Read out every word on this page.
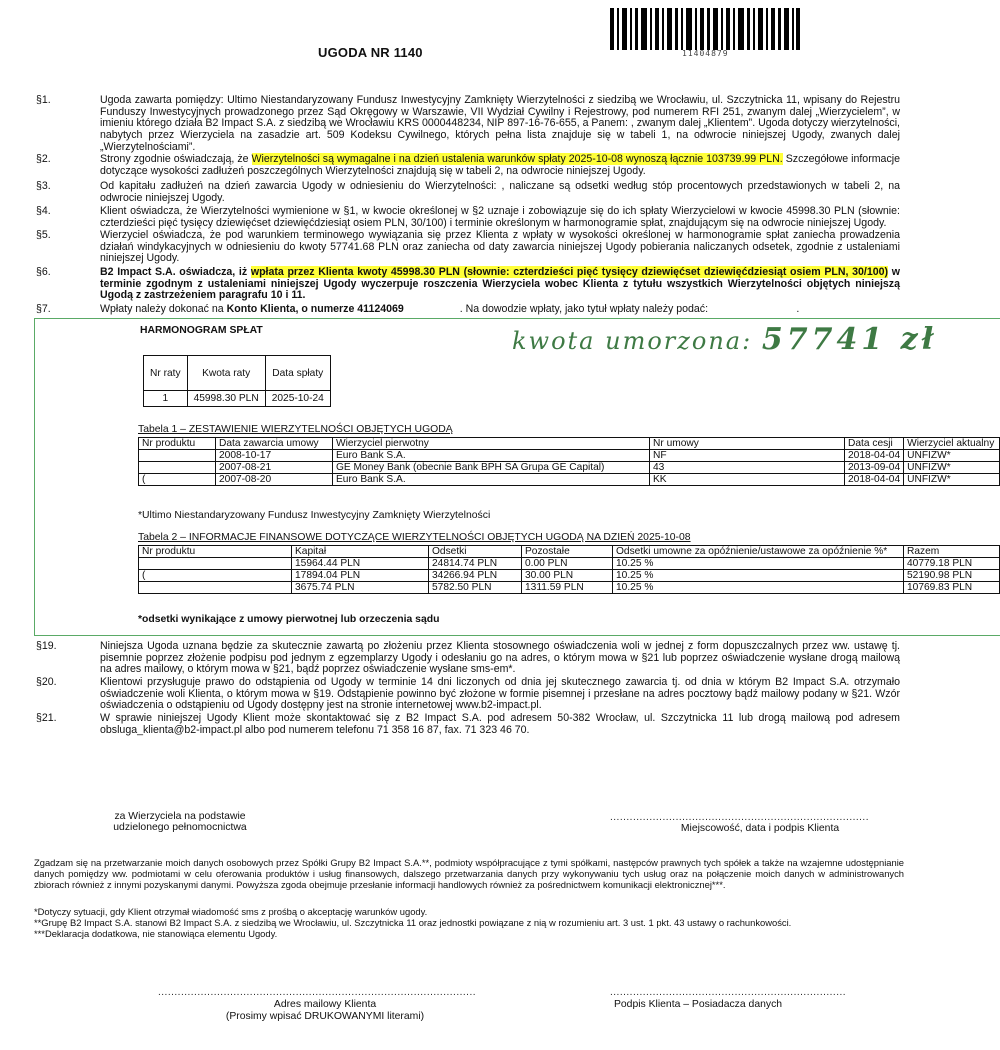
UGODA NR 1140	11404879
§1.	Ugoda zawarta pomiędzy: Ultimo Niestandaryzowany Fundusz Inwestycyjny Zamknięty Wierzytelności z siedzibą we Wrocławiu, ul. Szczytnicka 11, wpisany do Rejestru Funduszy Inwestycyjnych prowadzonego przez Sąd Okręgowy w Warszawie, VII Wydział Cywilny i Rejestrowy, pod numerem RFI 251, zwanym dalej „Wierzycielem”, w imieniu którego działa B2 Impact S.A. z siedzibą we Wrocławiu KRS 0000448234, NIP 897-16-76-655, a Panem: , zwanym dalej „Klientem”. Ugoda dotyczy wierzytelności, nabytych przez Wierzyciela na zasadzie art. 509 Kodeksu Cywilnego, których pełna lista znajduje się w tabeli 1, na odwrocie niniejszej Ugody, zwanych dalej „Wierzytelnościami”.
§2.	Strony zgodnie oświadczają, że Wierzytelności są wymagalne i na dzień ustalenia warunków spłaty 2025-10-08 wynoszą łącznie 103739.99 PLN. Szczegółowe informacje dotyczące wysokości zadłużeń poszczególnych Wierzytelności znajdują się w tabeli 2, na odwrocie niniejszej Ugody.
§3.	Od kapitału zadłużeń na dzień zawarcia Ugody w odniesieniu do Wierzytelności: , naliczane są odsetki według stóp procentowych przedstawionych w tabeli 2, na odwrocie niniejszej Ugody.
§4.	Klient oświadcza, że Wierzytelności wymienione w §1, w kwocie określonej w §2 uznaje i zobowiązuje się do ich spłaty Wierzycielowi w kwocie 45998.30 PLN (słownie: czterdzieści pięć tysięcy dziewięćset dziewięćdziesiąt osiem PLN, 30/100) i terminie określonym w harmonogramie spłat, znajdującym się na odwrocie niniejszej Ugody.
§5.	Wierzyciel oświadcza, że pod warunkiem terminowego wywiązania się przez Klienta z wpłaty w wysokości określonej w harmonogramie spłat zaniecha prowadzenia działań windykacyjnych w odniesieniu do kwoty 57741.68 PLN oraz zaniecha od daty zawarcia niniejszej Ugody pobierania naliczanych odsetek, zgodnie z ustaleniami niniejszej Ugody.
§6.	B2 Impact S.A. oświadcza, iż wpłata przez Klienta kwoty 45998.30 PLN (słownie: czterdzieści pięć tysięcy dziewięćset dziewięćdziesiąt osiem PLN, 30/100) w terminie zgodnym z ustaleniami niniejszej Ugody wyczerpuje roszczenia Wierzyciela wobec Klienta z tytułu wszystkich Wierzytelności objętych niniejszą Ugodą z zastrzeżeniem paragrafu 10 i 11.
§7.	Wpłaty należy dokonać na Konto Klienta, o numerze 41124069                   . Na dowodzie wpłaty, jako tytuł wpłaty należy podać:                              .
kwota umorzona: 57741 zł
HARMONOGRAM SPŁAT
Nr raty	Kwota raty	Data spłaty
1	45998.30 PLN	2025-10-24
Tabela 1 – ZESTAWIENIE WIERZYTELNOŚCI OBJĘTYCH UGODĄ
Nr produktu	Data zawarcia umowy	Wierzyciel pierwotny	Nr umowy	Data cesji	Wierzyciel aktualny
	2008-10-17	Euro Bank S.A.	NF	2018-04-04	UNFIZW*
	2007-08-21	GE Money Bank (obecnie Bank BPH SA Grupa GE Capital)	43	2013-09-04	UNFIZW*
(	2007-08-20	Euro Bank S.A.	KK	2018-04-04	UNFIZW*
*Ultimo Niestandaryzowany Fundusz Inwestycyjny Zamknięty Wierzytelności
Tabela 2 – INFORMACJE FINANSOWE DOTYCZĄCE WIERZYTELNOŚCI OBJĘTYCH UGODĄ NA DZIEŃ 2025-10-08
Nr produktu	Kapitał	Odsetki	Pozostałe	Odsetki umowne za opóźnienie/ustawowe za opóźnienie %*	Razem
	15964.44 PLN	24814.74 PLN	0.00 PLN	10.25 %	40779.18 PLN
(	17894.04 PLN	34266.94 PLN	30.00 PLN	10.25 %	52190.98 PLN
	3675.74 PLN	5782.50 PLN	1311.59 PLN	10.25 %	10769.83 PLN
*odsetki wynikające z umowy pierwotnej lub orzeczenia sądu
§19.	Niniejsza Ugoda uznana będzie za skutecznie zawartą po złożeniu przez Klienta stosownego oświadczenia woli w jednej z form dopuszczalnych przez ww. ustawę tj. pisemnie poprzez złożenie podpisu pod jednym z egzemplarzy Ugody i odesłaniu go na adres, o którym mowa w §21 lub poprzez oświadczenie wysłane drogą mailową na adres mailowy, o którym mowa w §21, bądź poprzez oświadczenie wysłane sms-em*.
§20.	Klientowi przysługuje prawo do odstąpienia od Ugody w terminie 14 dni liczonych od dnia jej skutecznego zawarcia tj. od dnia w którym B2 Impact S.A. otrzymało oświadczenie woli Klienta, o którym mowa w §19. Odstąpienie powinno być złożone w formie pisemnej i przesłane na adres pocztowy bądź mailowy podany w §21. Wzór oświadczenia o odstąpieniu od Ugody dostępny jest na stronie internetowej www.b2-impact.pl.
§21.	W sprawie niniejszej Ugody Klient może skontaktować się z B2 Impact S.A. pod adresem 50-382 Wrocław, ul. Szczytnicka 11 lub drogą mailową pod adresem obsluga_klienta@b2-impact.pl albo pod numerem telefonu 71 358 16 87, fax. 71 323 46 70.
za Wierzyciela na podstawie udzielonego pełnomocnictwa
...............................................................................
Miejscowość, data i podpis Klienta
Zgadzam się na przetwarzanie moich danych osobowych przez Spółki Grupy B2 Impact S.A.**, podmioty współpracujące z tymi spółkami, następców prawnych tych spółek a także na wzajemne udostępnianie danych pomiędzy ww. podmiotami w celu oferowania produktów i usług finansowych, dalszego przetwarzania danych przy wykonywaniu tych usług oraz na połączenie moich danych w administrowanych zbiorach również z innymi pozyskanymi danymi. Powyższa zgoda obejmuje przesłanie informacji handlowych również za pośrednictwem komunikacji elektronicznej***.
*Dotyczy sytuacji, gdy Klient otrzymał wiadomość sms z prośbą o akceptację warunków ugody.
**Grupę B2 Impact S.A. stanowi B2 Impact S.A. z siedzibą we Wrocławiu, ul. Szczytnicka 11 oraz jednostki powiązane z nią w rozumieniu art. 3 ust. 1 pkt. 43 ustawy o rachunkowości.
***Deklaracja dodatkowa, nie stanowiąca elementu Ugody.
.................................................................................................
Adres mailowy Klienta
(Prosimy wpisać DRUKOWANYMI literami)
........................................................................
Podpis Klienta – Posiadacza danych
